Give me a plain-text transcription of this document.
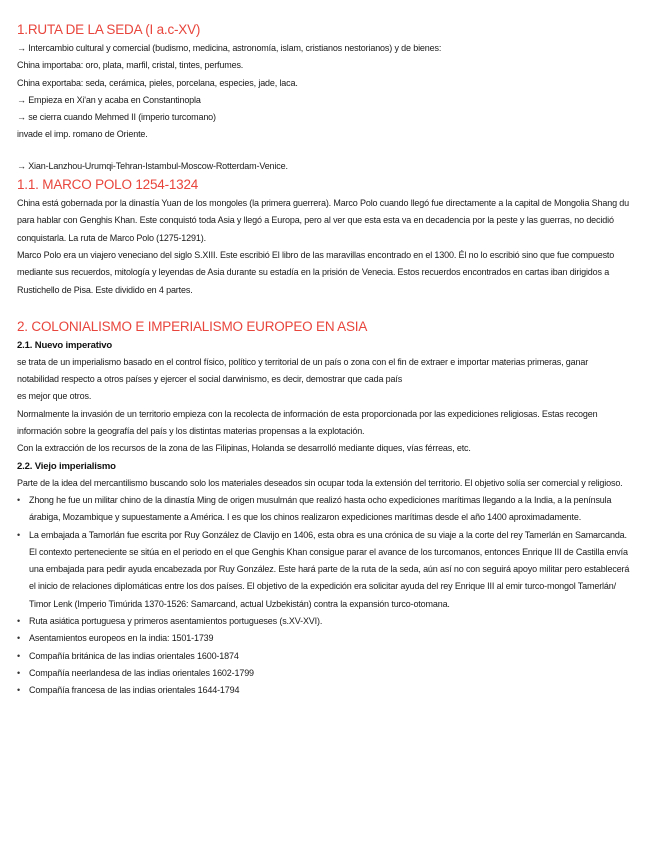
1.RUTA DE LA SEDA (I a.c-XV)

→ Intercambio cultural y comercial (budismo, medicina, astronomía, islam, cristianos nestorianos) y de bienes:

China importaba: oro, plata, marfil, cristal, tintes, perfumes.

China exportaba: seda, cerámica, pieles, porcelana, especies, jade, laca.

→ Empieza en Xi'an y acaba en Constantinopla

→ se cierra cuando Mehmed II (imperio turcomano)

invade el imp. romano de Oriente.

→ Xian-Lanzhou-Urumqi-Tehran-Istambul-Moscow-Rotterdam-Venice.

1.1. MARCO POLO 1254-1324

China está gobernada por la dinastía Yuan de los mongoles (la primera guerrera). Marco Polo cuando llegó fue directamente a la capital de Mongolia Shang du para hablar con Genghis Khan. Este conquistó toda Asia y llegó a Europa, pero al ver que esta esta va en decadencia por la peste y las guerras, no decidió conquistarla. La ruta de Marco Polo (1275-1291).

Marco Polo era un viajero veneciano del siglo S.XIII. Este escribió El libro de las maravillas encontrado en el 1300. Él no lo escribió sino que fue compuesto mediante sus recuerdos, mitología y leyendas de Asia durante su estadía en la prisión de Venecia. Estos recuerdos encontrados en cartas iban dirigidos a Rustichello de Pisa. Este dividido en 4 partes.

2. COLONIALISMO E IMPERIALISMO EUROPEO EN ASIA
2.1. Nuevo imperativo

se trata de un imperialismo basado en el control físico, político y territorial de un país o zona con el fin de extraer e importar materias primeras, ganar notabilidad respecto a otros países y ejercer el social darwinismo, es decir, demostrar que cada país

es mejor que otros.

Normalmente la invasión de un territorio empieza con la recolecta de información de esta proporcionada por las expediciones religiosas. Estas recogen información sobre la geografía del país y los distintas materias propensas a la explotación.

Con la extracción de los recursos de la zona de las Filipinas, Holanda se desarrolló mediante diques, vías férreas, etc.

2.2. Viejo imperialismo

Parte de la idea del mercantilismo buscando solo los materiales deseados sin ocupar toda la extensión del territorio. El objetivo solía ser comercial y religioso.

• Zhong he fue un militar chino de la dinastía Ming de origen musulmán que realizó hasta ocho expediciones marítimas llegando a la India, a la península árabiga, Mozambique y supuestamente a América. I es que los chinos realizaron expediciones marítimas desde el año 1400 aproximadamente.
• La embajada a Tamorlán fue escrita por Ruy González de Clavijo en 1406, esta obra es una crónica de su viaje a la corte del rey Tamerlán en Samarcanda. El contexto perteneciente se sitúa en el periodo en el que Genghis Khan consigue parar el avance de los turcomanos, entonces Enrique III de Castilla envía una embajada para pedir ayuda encabezada por Ruy González. Este hará parte de la ruta de la seda, aún así no con seguirá apoyo militar pero establecerá el inicio de relaciones diplomáticas entre los dos países. El objetivo de la expedición era solicitar ayuda del rey Enrique III al emir turco-mongol Tamerlán/ Timor Lenk (Imperio Timúrida 1370-1526: Samarcand, actual Uzbekistán) contra la expansión turco-otomana.
• Ruta asiática portuguesa y primeros asentamientos portugueses (s.XV-XVI).
• Asentamientos europeos en la india: 1501-1739
• Compañía británica de las indias orientales 1600-1874
• Compañía neerlandesa de las indias orientales 1602-1799
• Compañía francesa de las indias orientales 1644-1794
